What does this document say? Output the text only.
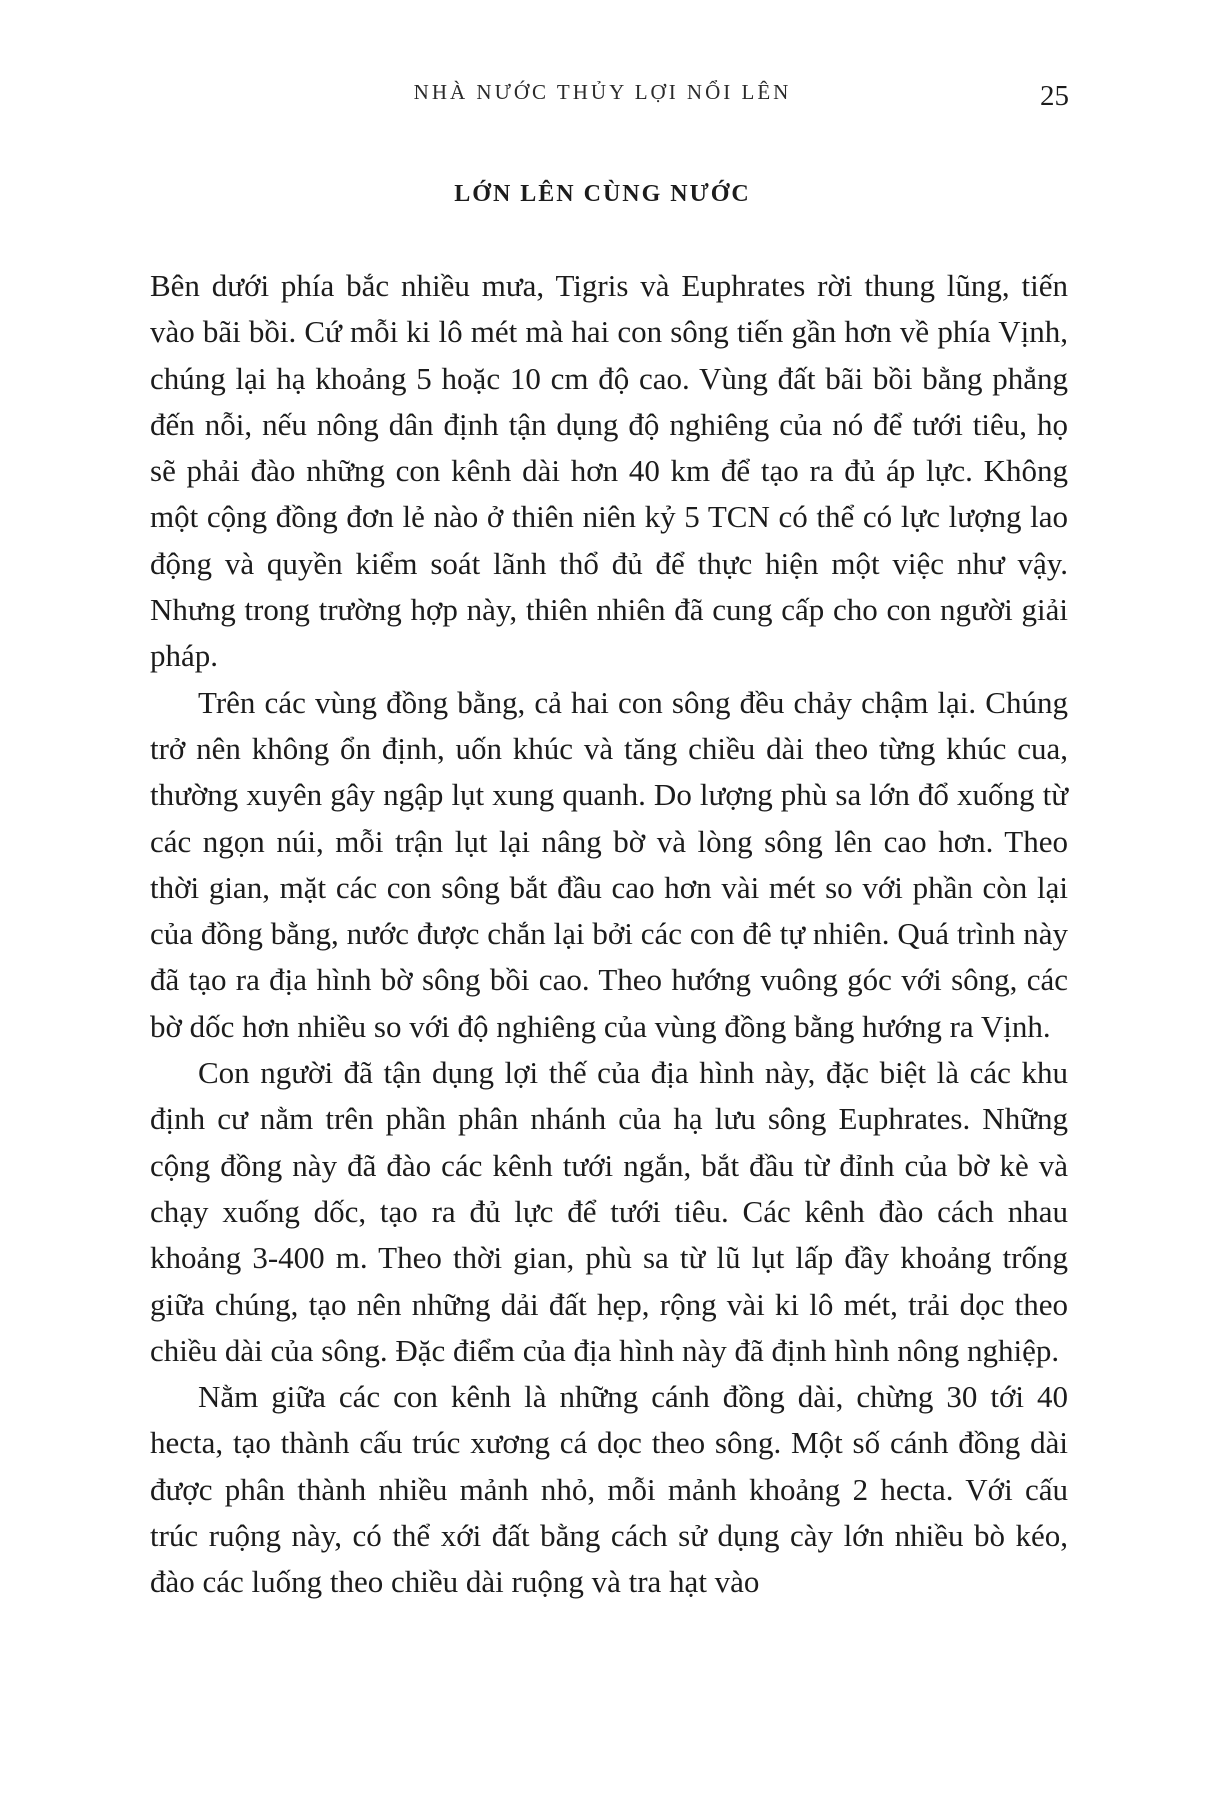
NHÀ NƯỚC THỦY LỢI NỔI LÊN	25
LỚN LÊN CÙNG NƯỚC

Bên dưới phía bắc nhiều mưa, Tigris và Euphrates rời thung lũng, tiến vào bãi bồi. Cứ mỗi ki lô mét mà hai con sông tiến gần hơn về phía Vịnh, chúng lại hạ khoảng 5 hoặc 10 cm độ cao. Vùng đất bãi bồi bằng phẳng đến nỗi, nếu nông dân định tận dụng độ nghiêng của nó để tưới tiêu, họ sẽ phải đào những con kênh dài hơn 40 km để tạo ra đủ áp lực. Không một cộng đồng đơn lẻ nào ở thiên niên kỷ 5 TCN có thể có lực lượng lao động và quyền kiểm soát lãnh thổ đủ để thực hiện một việc như vậy. Nhưng trong trường hợp này, thiên nhiên đã cung cấp cho con người giải pháp.

Trên các vùng đồng bằng, cả hai con sông đều chảy chậm lại. Chúng trở nên không ổn định, uốn khúc và tăng chiều dài theo từng khúc cua, thường xuyên gây ngập lụt xung quanh. Do lượng phù sa lớn đổ xuống từ các ngọn núi, mỗi trận lụt lại nâng bờ và lòng sông lên cao hơn. Theo thời gian, mặt các con sông bắt đầu cao hơn vài mét so với phần còn lại của đồng bằng, nước được chắn lại bởi các con đê tự nhiên. Quá trình này đã tạo ra địa hình bờ sông bồi cao. Theo hướng vuông góc với sông, các bờ dốc hơn nhiều so với độ nghiêng của vùng đồng bằng hướng ra Vịnh.

Con người đã tận dụng lợi thế của địa hình này, đặc biệt là các khu định cư nằm trên phần phân nhánh của hạ lưu sông Euphrates. Những cộng đồng này đã đào các kênh tưới ngắn, bắt đầu từ đỉnh của bờ kè và chạy xuống dốc, tạo ra đủ lực để tưới tiêu. Các kênh đào cách nhau khoảng 3-400 m. Theo thời gian, phù sa từ lũ lụt lấp đầy khoảng trống giữa chúng, tạo nên những dải đất hẹp, rộng vài ki lô mét, trải dọc theo chiều dài của sông. Đặc điểm của địa hình này đã định hình nông nghiệp.

Nằm giữa các con kênh là những cánh đồng dài, chừng 30 tới 40 hecta, tạo thành cấu trúc xương cá dọc theo sông. Một số cánh đồng dài được phân thành nhiều mảnh nhỏ, mỗi mảnh khoảng 2 hecta. Với cấu trúc ruộng này, có thể xới đất bằng cách sử dụng cày lớn nhiều bò kéo, đào các luống theo chiều dài ruộng và tra hạt vào
